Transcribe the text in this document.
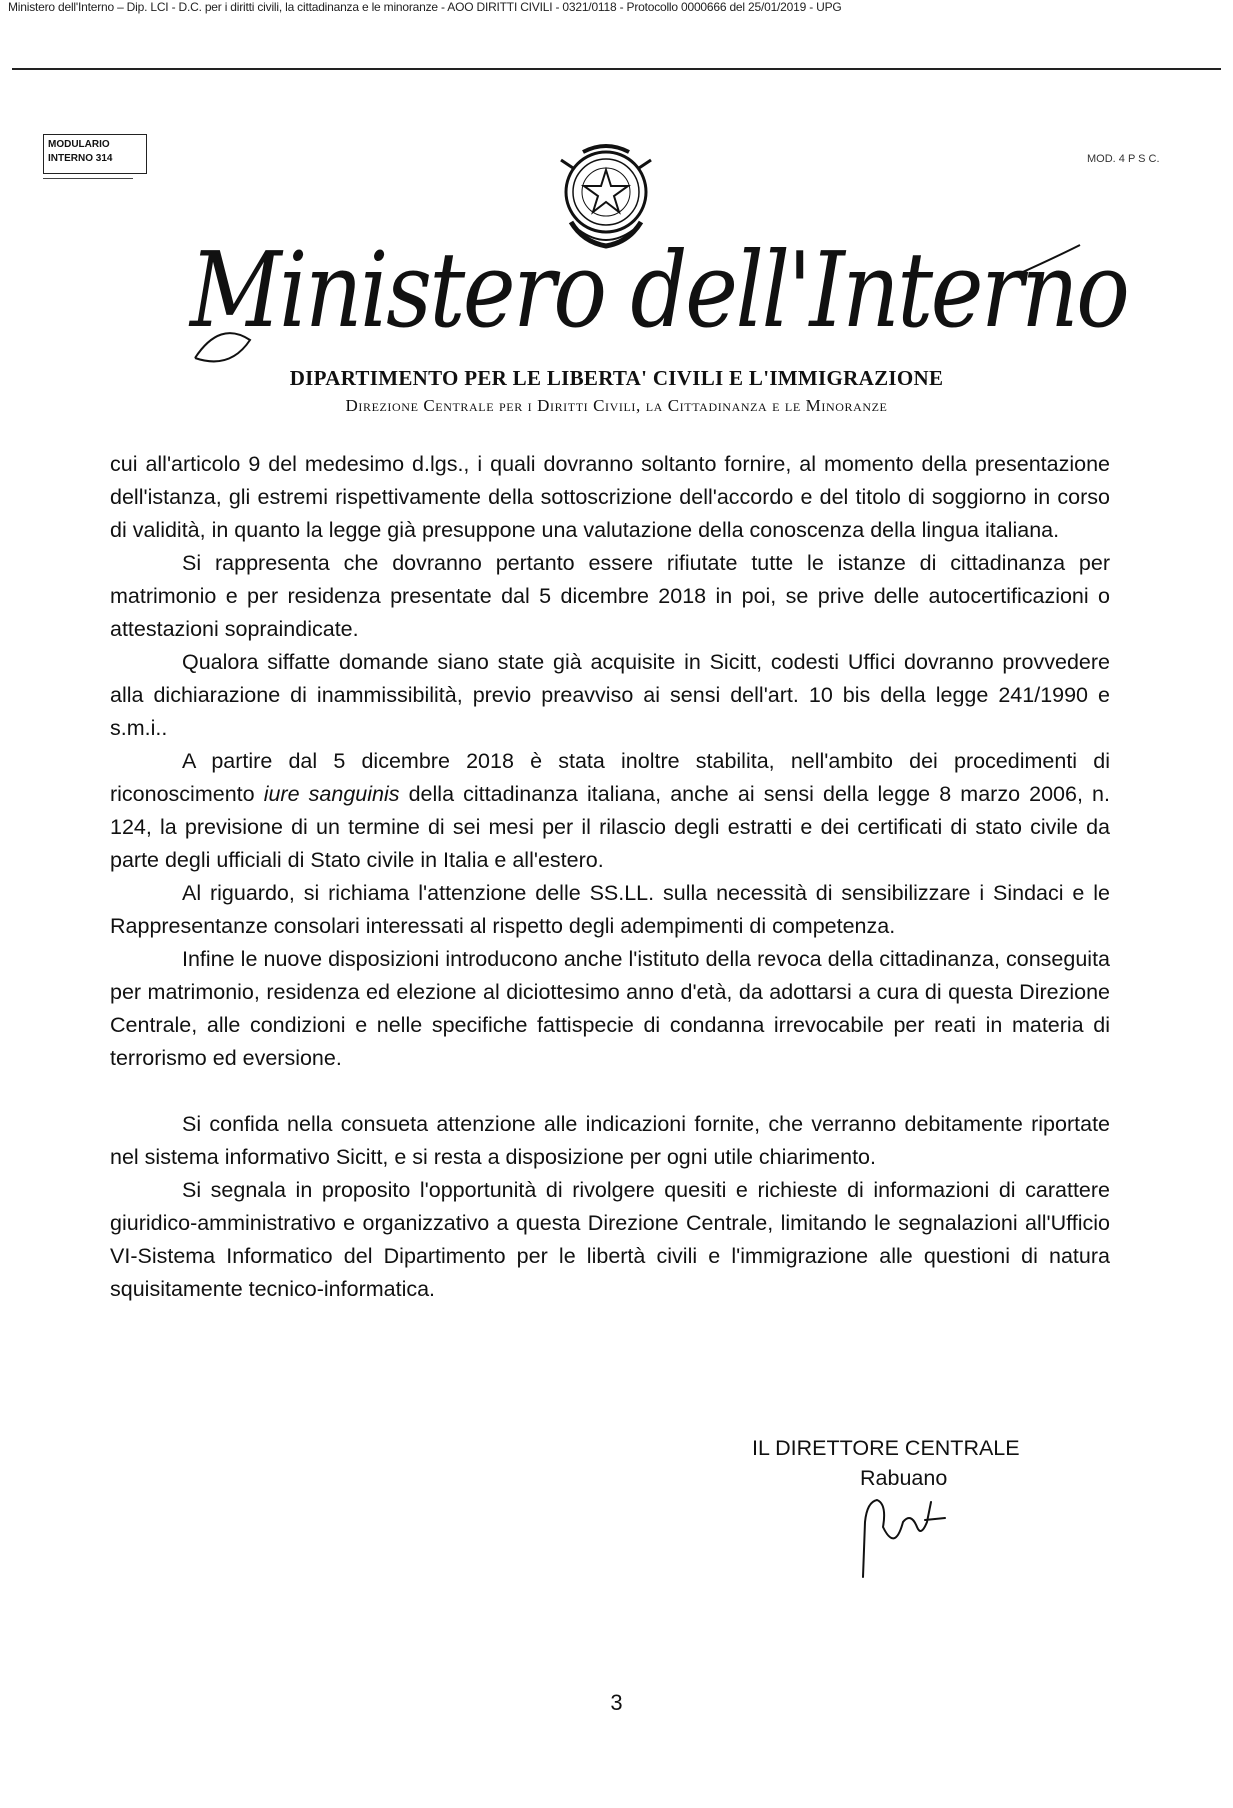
Ministero dell'Interno – Dip. LCI - D.C. per i diritti civili, la cittadinanza e le minoranze - AOO DIRITTI CIVILI - 0321/0118 - Protocollo 0000666 del 25/01/2019 - UPG
MODULARIO
INTERNO 314	MOD. 4 P S C.
Ministero dell'Interno
DIPARTIMENTO PER LE LIBERTA' CIVILI E L'IMMIGRAZIONE
Direzione Centrale per i Diritti Civili, la Cittadinanza e le Minoranze

cui all'articolo 9 del medesimo d.lgs., i quali dovranno soltanto fornire, al momento della presentazione dell'istanza, gli estremi rispettivamente della sottoscrizione dell'accordo e del titolo di soggiorno in corso di validità, in quanto la legge già presuppone una valutazione della conoscenza della lingua italiana.

Si rappresenta che dovranno pertanto essere rifiutate tutte le istanze di cittadinanza per matrimonio e per residenza presentate dal 5 dicembre 2018 in poi, se prive delle autocertificazioni o attestazioni sopraindicate.

Qualora siffatte domande siano state già acquisite in Sicitt, codesti Uffici dovranno provvedere alla dichiarazione di inammissibilità, previo preavviso ai sensi dell'art. 10 bis della legge 241/1990 e s.m.i..

A partire dal 5 dicembre 2018 è stata inoltre stabilita, nell'ambito dei procedimenti di riconoscimento iure sanguinis della cittadinanza italiana, anche ai sensi della legge 8 marzo 2006, n. 124, la previsione di un termine di sei mesi per il rilascio degli estratti e dei certificati di stato civile da parte degli ufficiali di Stato civile in Italia e all'estero.

Al riguardo, si richiama l'attenzione delle SS.LL. sulla necessità di sensibilizzare i Sindaci e le Rappresentanze consolari interessati al rispetto degli adempimenti di competenza.

Infine le nuove disposizioni introducono anche l'istituto della revoca della cittadinanza, conseguita per matrimonio, residenza ed elezione al diciottesimo anno d'età, da adottarsi a cura di questa Direzione Centrale, alle condizioni e nelle specifiche fattispecie di condanna irrevocabile per reati in materia di terrorismo ed eversione.

Si confida nella consueta attenzione alle indicazioni fornite, che verranno debitamente riportate nel sistema informativo Sicitt, e si resta a disposizione per ogni utile chiarimento.

Si segnala in proposito l'opportunità di rivolgere quesiti e richieste di informazioni di carattere giuridico-amministrativo e organizzativo a questa Direzione Centrale, limitando le segnalazioni all'Ufficio VI-Sistema Informatico del Dipartimento per le libertà civili e l'immigrazione alle questioni di natura squisitamente tecnico-informatica.

IL DIRETTORE CENTRALE
Rabuano
3
